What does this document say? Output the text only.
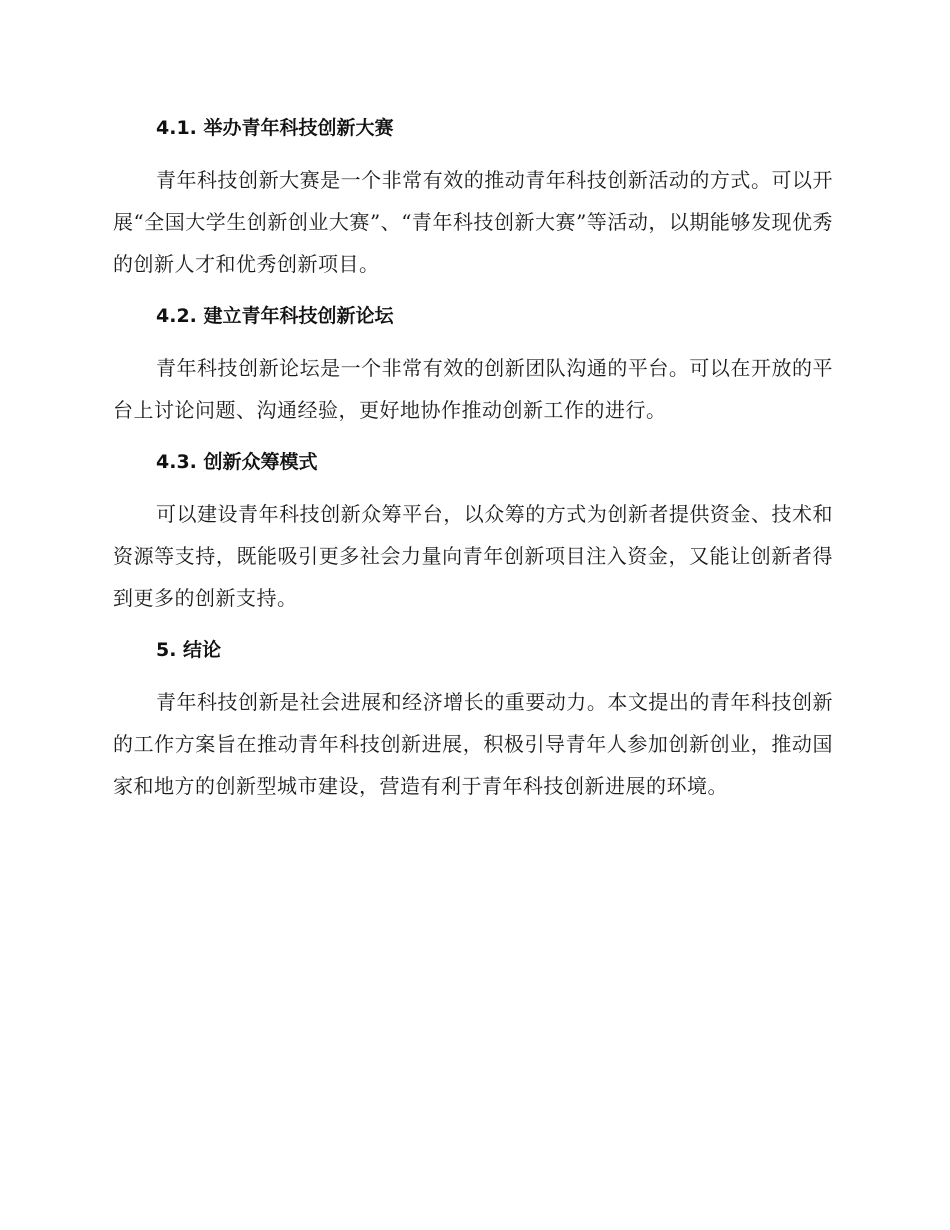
4.1. 举办青年科技创新大赛

青年科技创新大赛是一个非常有效的推动青年科技创新活动的方式。可以开展“全国大学生创新创业大赛”、“青年科技创新大赛”等活动，以期能够发现优秀的创新人才和优秀创新项目。

4.2. 建立青年科技创新论坛

青年科技创新论坛是一个非常有效的创新团队沟通的平台。可以在开放的平台上讨论问题、沟通经验，更好地协作推动创新工作的进行。

4.3. 创新众筹模式

可以建设青年科技创新众筹平台，以众筹的方式为创新者提供资金、技术和资源等支持，既能吸引更多社会力量向青年创新项目注入资金，又能让创新者得到更多的创新支持。

5. 结论

青年科技创新是社会进展和经济增长的重要动力。本文提出的青年科技创新的工作方案旨在推动青年科技创新进展，积极引导青年人参加创新创业，推动国家和地方的创新型城市建设，营造有利于青年科技创新进展的环境。
